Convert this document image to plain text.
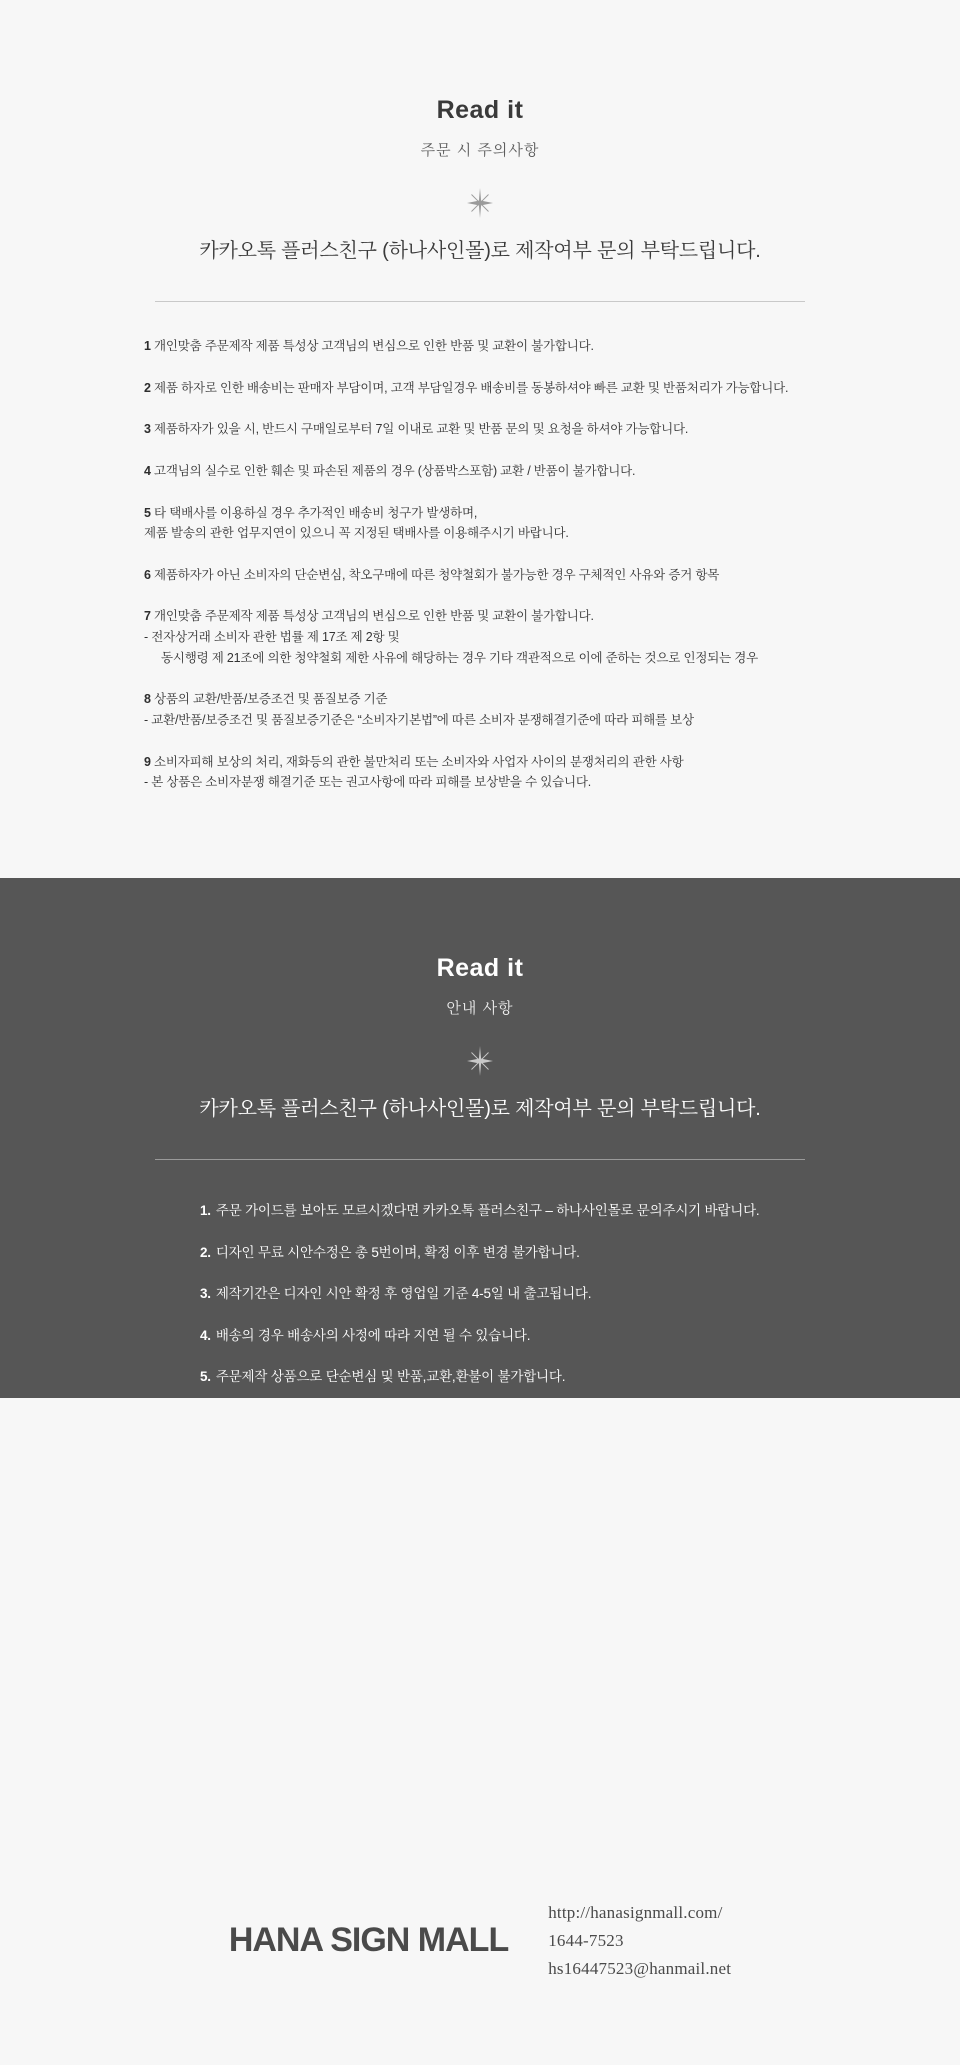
Read it
주문 시 주의사항
카카오톡 플러스친구 (하나사인몰)로 제작여부 문의 부탁드립니다.
1 개인맞춤 주문제작 제품 특성상 고객님의 변심으로 인한 반품 및 교환이 불가합니다.
2 제품 하자로 인한 배송비는 판매자 부담이며, 고객 부담일경우 배송비를 동봉하셔야 빠른 교환 및 반품처리가 가능합니다.
3 제품하자가 있을 시, 반드시 구매일로부터 7일 이내로 교환 및 반품 문의 및 요청을 하셔야 가능합니다.
4 고객님의 실수로 인한 훼손 및 파손된 제품의 경우 (상품박스포함) 교환 / 반품이 불가합니다.
5 타 택배사를 이용하실 경우 추가적인 배송비 청구가 발생하며,
제품 발송의 관한 업무지연이 있으니 꼭 지정된 택배사를 이용해주시기 바랍니다.
6 제품하자가 아닌 소비자의 단순변심, 착오구매에 따른 청약철회가 불가능한 경우 구체적인 사유와 증거 항목
7 개인맞춤 주문제작 제품 특성상 고객님의 변심으로 인한 반품 및 교환이 불가합니다.
- 전자상거래 소비자 관한 법률 제 17조 제 2항 및
동시행령 제 21조에 의한 청약철회 제한 사유에 해당하는 경우 기타 객관적으로 이에 준하는 것으로 인정되는 경우
8 상품의 교환/반품/보증조건 및 품질보증 기준
- 교환/반품/보증조건 및 품질보증기준은 “소비자기본법”에 따른 소비자 분쟁해결기준에 따라 피해를 보상
9 소비자피해 보상의 처리, 재화등의 관한 불만처리 또는 소비자와 사업자 사이의 분쟁처리의 관한 사항
- 본 상품은 소비자분쟁 해결기준 또는 권고사항에 따라 피해를 보상받을 수 있습니다.
Read it
안내 사항
카카오톡 플러스친구 (하나사인몰)로 제작여부 문의 부탁드립니다.
1. 주문 가이드를 보아도 모르시겠다면 카카오톡 플러스친구 – 하나사인몰로 문의주시기 바랍니다.
2. 디자인 무료 시안수정은 총 5번이며, 확정 이후 변경 불가합니다.
3. 제작기간은 디자인 시안 확정 후 영업일 기준 4-5일 내 출고됩니다.
4. 배송의 경우 배송사의 사정에 따라 지연 될 수 있습니다.
5. 주문제작 상품으로 단순변심 및 반품,교환,환불이 불가합니다.
HANA SIGN MALL
http://hanasignmall.com/
1644-7523
hs16447523@hanmail.net
